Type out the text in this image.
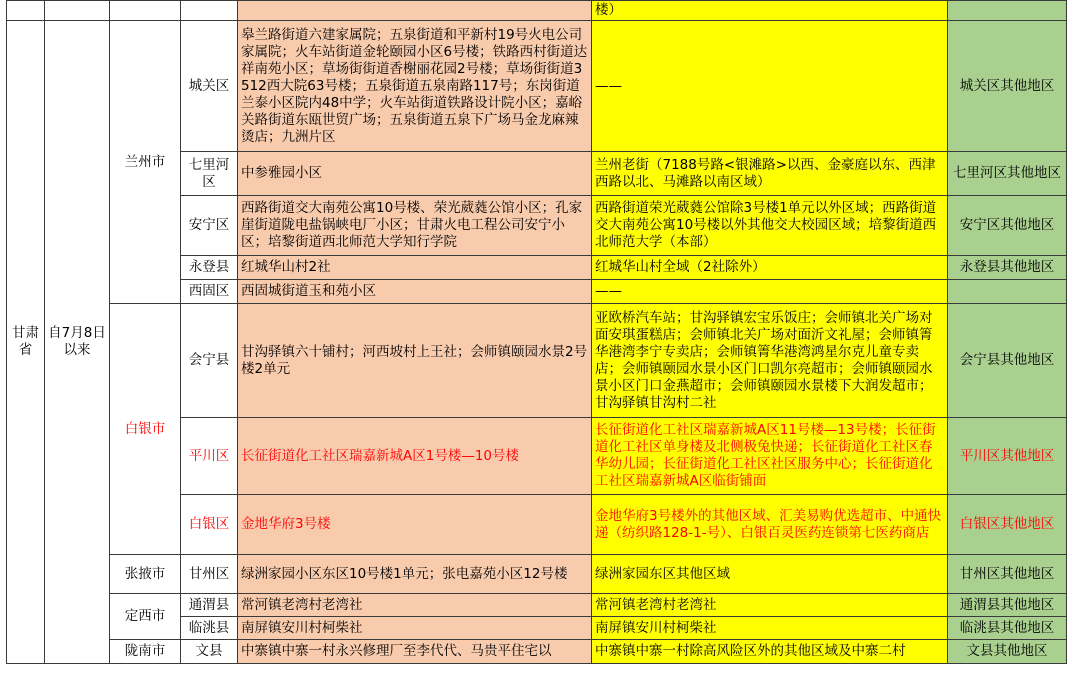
					楼）	
甘肃省	自7月8日以来	兰州市	城关区	皋兰路街道六建家属院；五泉街道和平新村19号火电公司家属院；火车站街道金轮颐园小区6号楼；铁路西村街道达祥南苑小区；草场街街道香榭丽花园2号楼；草场街街道3512西大院63号楼；五泉街道五泉南路117号；东岗街道兰泰小区院内48中学；火车站街道铁路设计院小区；嘉峪关路街道东瓯世贸广场；五泉街道五泉下广场马金龙麻辣烫店；九洲片区	——	城关区其他地区
			七里河区	中参雅园小区	兰州老街（7188号路<银滩路>以西、金豪庭以东、西津西路以北、马滩路以南区域）	七里河区其他地区
			安宁区	西路街道交大南苑公寓10号楼、荣光葳蕤公馆小区；孔家崖街道陇电盐锅峡电厂小区；甘肃火电工程公司安宁小区；培黎街道西北师范大学知行学院	西路街道荣光葳蕤公馆除3号楼1单元以外区域；西路街道交大南苑公寓10号楼以外其他交大校园区域；培黎街道西北师范大学（本部）	安宁区其他地区
			永登县	红城华山村2社	红城华山村全域（2社除外）	永登县其他地区
			西固区	西固城街道玉和苑小区	——	
		白银市	会宁县	甘沟驿镇六十铺村；河西坡村上王社；会师镇颐园水景2号楼2单元	亚欧桥汽车站；甘沟驿镇宏宝乐饭庄；会师镇北关广场对面安琪蛋糕店；会师镇北关广场对面沂文礼屋；会师镇箐华港湾李宁专卖店；会师镇箐华港湾鸿星尔克儿童专卖店；会师镇颐园水景小区门口凯尔亮超市；会师镇颐园水景小区门口金燕超市；会师镇颐园水景楼下大润发超市；甘沟驿镇甘沟村二社	会宁县其他地区
			平川区	长征街道化工社区瑞嘉新城A区1号楼—10号楼	长征街道化工社区瑞嘉新城A区11号楼—13号楼；长征街道化工社区单身楼及北侧极兔快递；长征街道化工社区春华幼儿园；长征街道化工社区社区服务中心；长征街道化工社区瑞嘉新城A区临街铺面	平川区其他地区
			白银区	金地华府3号楼	金地华府3号楼外的其他区域、汇美易购优选超市、中通快递（纺织路128-1-号）、白银百灵医药连锁第七医药商店	白银区其他地区
		张掖市	甘州区	绿洲家园小区东区10号楼1单元；张电嘉苑小区12号楼	绿洲家园东区其他区域	甘州区其他地区
		定西市	通渭县	常河镇老湾村老湾社	常河镇老湾村老湾社	通渭县其他地区
			临洮县	南屏镇安川村柯柴社	南屏镇安川村柯柴社	临洮县其他地区
		陇南市	文县	中寨镇中寨一村永兴修理厂至李代代、马贵平住宅以	中寨镇中寨一村除高风险区外的其他区域及中寨二村	文县其他地区
